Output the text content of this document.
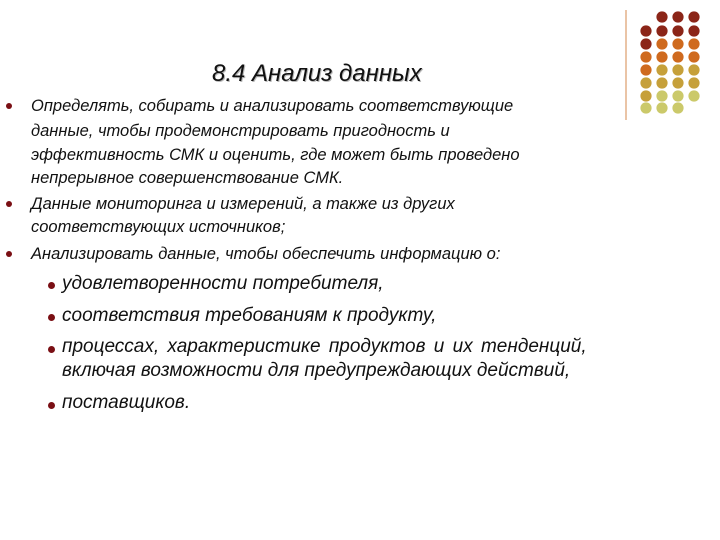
8.4 Анализ данных

Определять, собирать и анализировать соответствующие

данные, чтобы продемонстрировать пригодность и

эффективность СМК и оценить, где может быть проведено

непрерывное совершенствование СМК.

Данные мониторинга и измерений, а также из других

соответствующих источников;

Анализировать данные, чтобы обеспечить информацию о:

удовлетворенности потребителя,

соответствия требованиям к продукту,

процессах, характеристике продуктов и их тенденций,

включая возможности для предупреждающих действий,

поставщиков.
